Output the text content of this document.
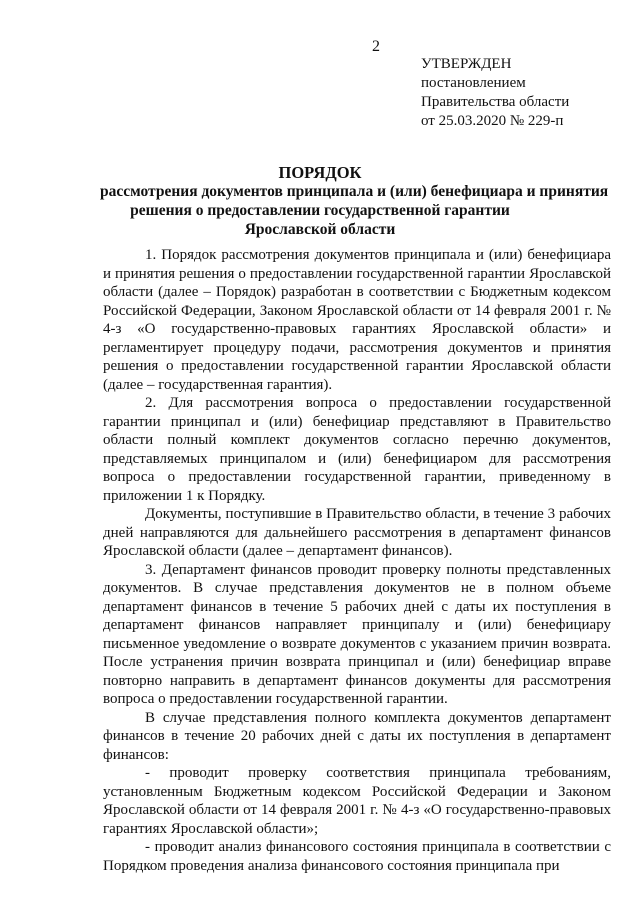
2
УТВЕРЖДЕН
постановлением
Правительства области
от 25.03.2020 № 229-п
ПОРЯДОК
рассмотрения документов принципала и (или) бенефициара и принятия
решения о предоставлении государственной гарантии
Ярославской области

1. Порядок рассмотрения документов принципала и (или) бенефициара и принятия решения о предоставлении государственной гарантии Ярославской области (далее – Порядок) разработан в соответствии с Бюджетным кодексом Российской Федерации, Законом Ярославской области от 14 февраля 2001 г. № 4-з «О государственно-правовых гарантиях Ярославской области» и регламентирует процедуру подачи, рассмотрения документов и принятия решения о предоставлении государственной гарантии Ярославской области (далее – государственная гарантия).

2. Для рассмотрения вопроса о предоставлении государственной гарантии принципал и (или) бенефициар представляют в Правительство области полный комплект документов согласно перечню документов, представляемых принципалом и (или) бенефициаром для рассмотрения вопроса о предоставлении государственной гарантии, приведенному в приложении 1 к Порядку.

Документы, поступившие в Правительство области, в течение 3 рабочих дней направляются для дальнейшего рассмотрения в департамент финансов Ярославской области (далее – департамент финансов).

3. Департамент финансов проводит проверку полноты представленных документов. В случае представления документов не в полном объеме департамент финансов в течение 5 рабочих дней с даты их поступления в департамент финансов направляет принципалу и (или) бенефициару письменное уведомление о возврате документов с указанием причин возврата. После устранения причин возврата принципал и (или) бенефициар вправе повторно направить в департамент финансов документы для рассмотрения вопроса о предоставлении государственной гарантии.

В случае представления полного комплекта документов департамент финансов в течение 20 рабочих дней с даты их поступления в департамент финансов:

- проводит проверку соответствия принципала требованиям, установленным Бюджетным кодексом Российской Федерации и Законом Ярославской области от 14 февраля 2001 г. № 4-з «О государственно-правовых гарантиях Ярославской области»;

- проводит анализ финансового состояния принципала в соответствии с Порядком проведения анализа финансового состояния принципала при
